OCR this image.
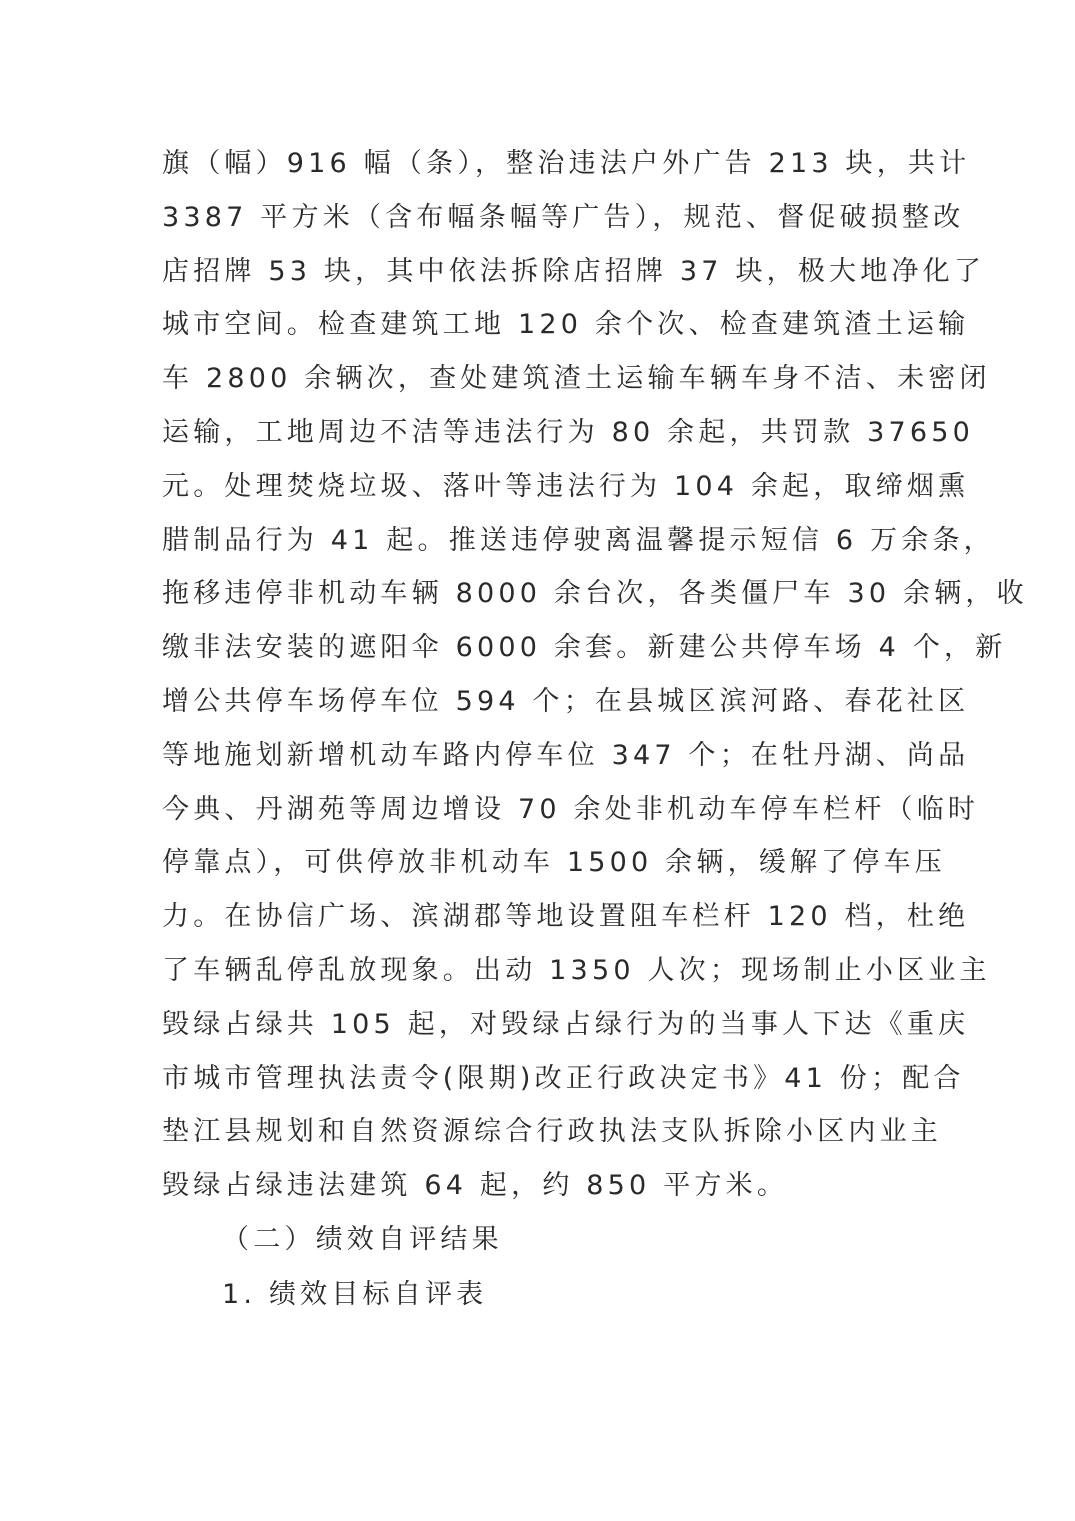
旗（幅）916 幅（条），整治违法户外广告 213 块，共计
3387 平方米（含布幅条幅等广告），规范、督促破损整改
店招牌 53 块，其中依法拆除店招牌 37 块，极大地净化了
城市空间。检查建筑工地 120 余个次、检查建筑渣土运输
车 2800 余辆次，查处建筑渣土运输车辆车身不洁、未密闭
运输，工地周边不洁等违法行为 80 余起，共罚款 37650
元。处理焚烧垃圾、落叶等违法行为 104 余起，取缔烟熏
腊制品行为 41 起。推送违停驶离温馨提示短信 6 万余条，
拖移违停非机动车辆 8000 余台次，各类僵尸车 30 余辆，收
缴非法安装的遮阳伞 6000 余套。新建公共停车场 4 个，新
增公共停车场停车位 594 个；在县城区滨河路、春花社区
等地施划新增机动车路内停车位 347 个；在牡丹湖、尚品
今典、丹湖苑等周边增设 70 余处非机动车停车栏杆（临时
停靠点），可供停放非机动车 1500 余辆，缓解了停车压
力。在协信广场、滨湖郡等地设置阻车栏杆 120 档，杜绝
了车辆乱停乱放现象。出动 1350 人次；现场制止小区业主
毁绿占绿共 105 起，对毁绿占绿行为的当事人下达《重庆
市城市管理执法责令(限期)改正行政决定书》41 份；配合
垫江县规划和自然资源综合行政执法支队拆除小区内业主
毁绿占绿违法建筑 64 起，约 850 平方米。
（二）绩效自评结果
1. 绩效目标自评表
